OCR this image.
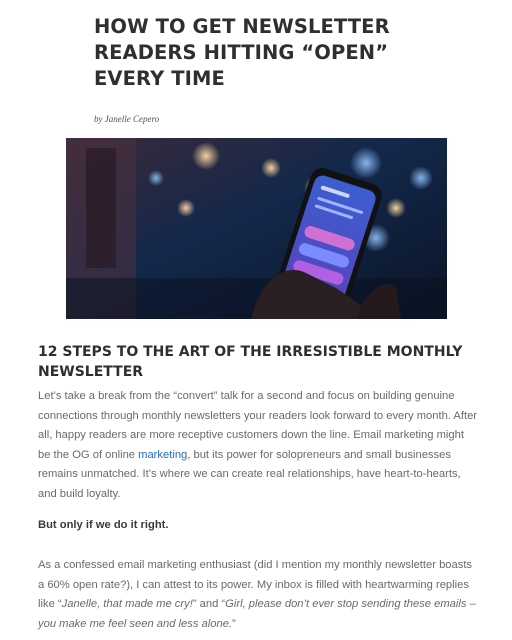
HOW TO GET NEWSLETTER READERS HITTING “OPEN” EVERY TIME
by Janelle Cepero
12 STEPS TO THE ART OF THE IRRESISTIBLE MONTHLY NEWSLETTER

Let’s take a break from the “convert” talk for a second and focus on building genuine connections through monthly newsletters your readers look forward to every month. After all, happy readers are more receptive customers down the line. Email marketing might be the OG of online marketing, but its power for solopreneurs and small businesses remains unmatched. It’s where we can create real relationships, have heart-to-hearts, and build loyalty.

But only if we do it right.

As a confessed email marketing enthusiast (did I mention my monthly newsletter boasts a 60% open rate?), I can attest to its power. My inbox is filled with heartwarming replies like “Janelle, that made me cry!” and “Girl, please don’t ever stop sending these emails – you make me feel seen and less alone.”
